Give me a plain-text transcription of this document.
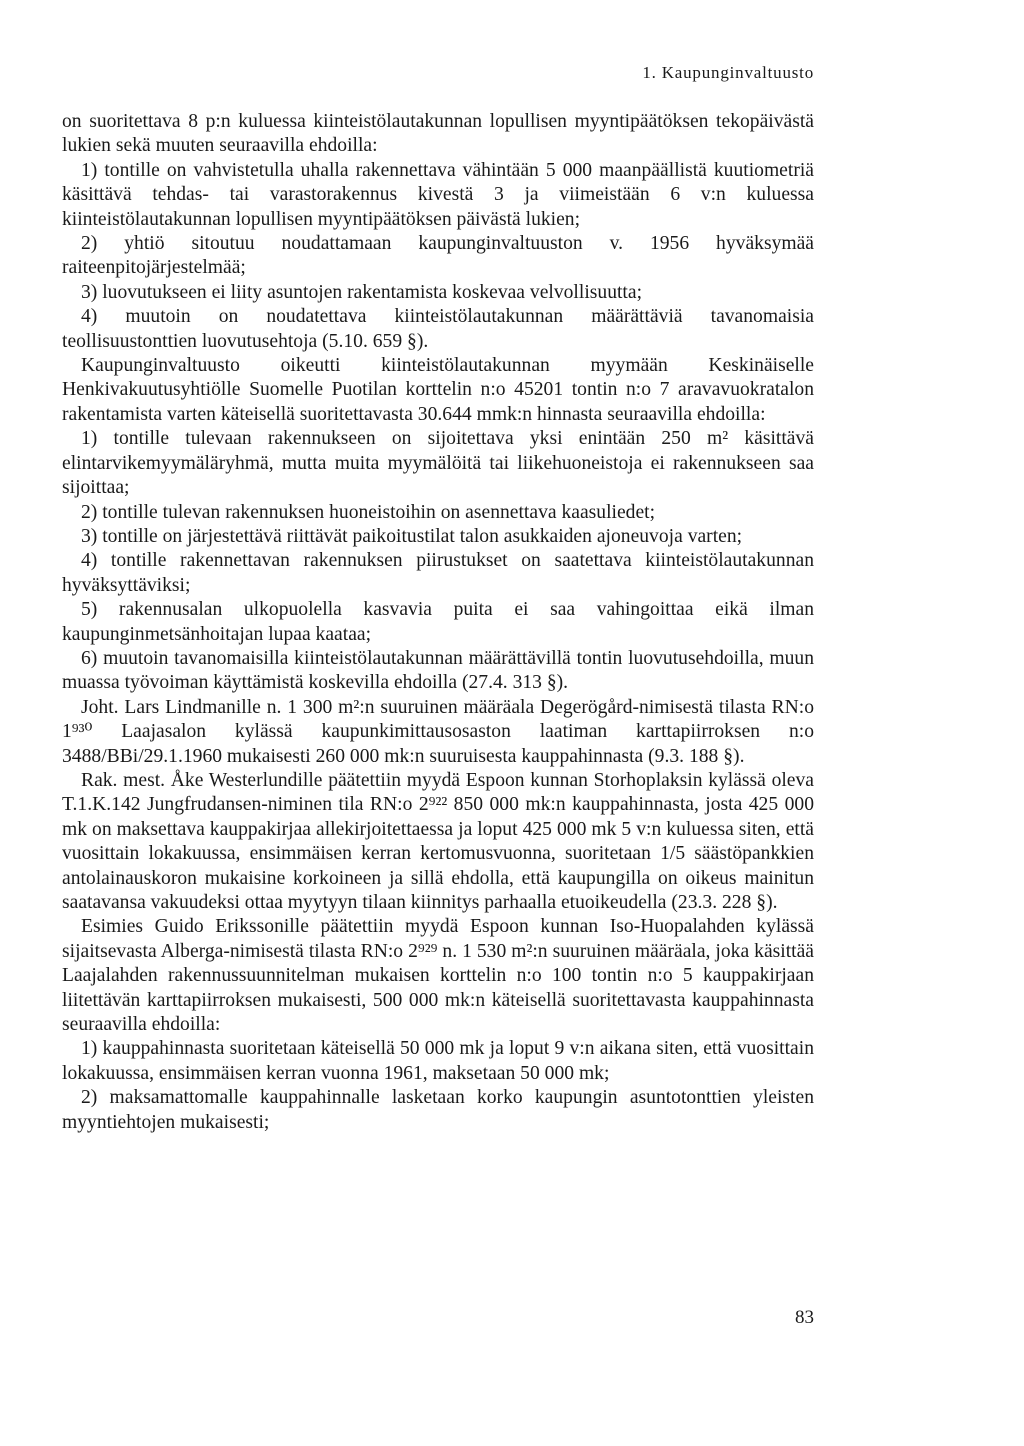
1. Kaupunginvaltuusto

on suoritettava 8 p:n kuluessa kiinteistölautakunnan lopullisen myyntipäätöksen tekopäivästä lukien sekä muuten seuraavilla ehdoilla:

1) tontille on vahvistetulla uhalla rakennettava vähintään 5 000 maanpäällistä kuutiometriä käsittävä tehdas- tai varastorakennus kivestä 3 ja viimeistään 6 v:n kuluessa kiinteistölautakunnan lopullisen myyntipäätöksen päivästä lukien;

2) yhtiö sitoutuu noudattamaan kaupunginvaltuuston v. 1956 hyväksymää raiteenpitojärjestelmää;

3) luovutukseen ei liity asuntojen rakentamista koskevaa velvollisuutta;

4) muutoin on noudatettava kiinteistölautakunnan määrättäviä tavanomaisia teollisuustonttien luovutusehtoja (5.10. 659 §).

Kaupunginvaltuusto oikeutti kiinteistölautakunnan myymään Keskinäiselle Henkivakuutusyhtiölle Suomelle Puotilan korttelin n:o 45201 tontin n:o 7 aravavuokratalon rakentamista varten käteisellä suoritettavasta 30.644 mmk:n hinnasta seuraavilla ehdoilla:

1) tontille tulevaan rakennukseen on sijoitettava yksi enintään 250 m² käsittävä elintarvikemyymäläryhmä, mutta muita myymälöitä tai liikehuoneistoja ei rakennukseen saa sijoittaa;

2) tontille tulevan rakennuksen huoneistoihin on asennettava kaasuliedet;

3) tontille on järjestettävä riittävät paikoitustilat talon asukkaiden ajoneuvoja varten;

4) tontille rakennettavan rakennuksen piirustukset on saatettava kiinteistölautakunnan hyväksyttäviksi;

5) rakennusalan ulkopuolella kasvavia puita ei saa vahingoittaa eikä ilman kaupunginmetsänhoitajan lupaa kaataa;

6) muutoin tavanomaisilla kiinteistölautakunnan määrättävillä tontin luovutusehdoilla, muun muassa työvoiman käyttämistä koskevilla ehdoilla (27.4. 313 §).

Joht. Lars Lindmanille n. 1 300 m²:n suuruinen määräala Degerögård-nimisestä tilasta RN:o 1⁹³⁰ Laajasalon kylässä kaupunkimittausosaston laatiman karttapiirroksen n:o 3488/BBi/29.1.1960 mukaisesti 260 000 mk:n suuruisesta kauppahinnasta (9.3. 188 §).

Rak. mest. Åke Westerlundille päätettiin myydä Espoon kunnan Storhoplaksin kylässä oleva T.1.K.142 Jungfrudansen-niminen tila RN:o 2⁹²² 850 000 mk:n kauppahinnasta, josta 425 000 mk on maksettava kauppakirjaa allekirjoitettaessa ja loput 425 000 mk 5 v:n kuluessa siten, että vuosittain lokakuussa, ensimmäisen kerran kertomusvuonna, suoritetaan 1/5 säästöpankkien antolainauskoron mukaisine korkoineen ja sillä ehdolla, että kaupungilla on oikeus mainitun saatavansa vakuudeksi ottaa myytyyn tilaan kiinnitys parhaalla etuoikeudella (23.3. 228 §).

Esimies Guido Erikssonille päätettiin myydä Espoon kunnan Iso-Huopalahden kylässä sijaitsevasta Alberga-nimisestä tilasta RN:o 2⁹²⁹ n. 1 530 m²:n suuruinen määräala, joka käsittää Laajalahden rakennussuunnitelman mukaisen korttelin n:o 100 tontin n:o 5 kauppakirjaan liitettävän karttapiirroksen mukaisesti, 500 000 mk:n käteisellä suoritettavasta kauppahinnasta seuraavilla ehdoilla:

1) kauppahinnasta suoritetaan käteisellä 50 000 mk ja loput 9 v:n aikana siten, että vuosittain lokakuussa, ensimmäisen kerran vuonna 1961, maksetaan 50 000 mk;

2) maksamattomalle kauppahinnalle lasketaan korko kaupungin asuntotonttien yleisten myyntiehtojen mukaisesti;

83
